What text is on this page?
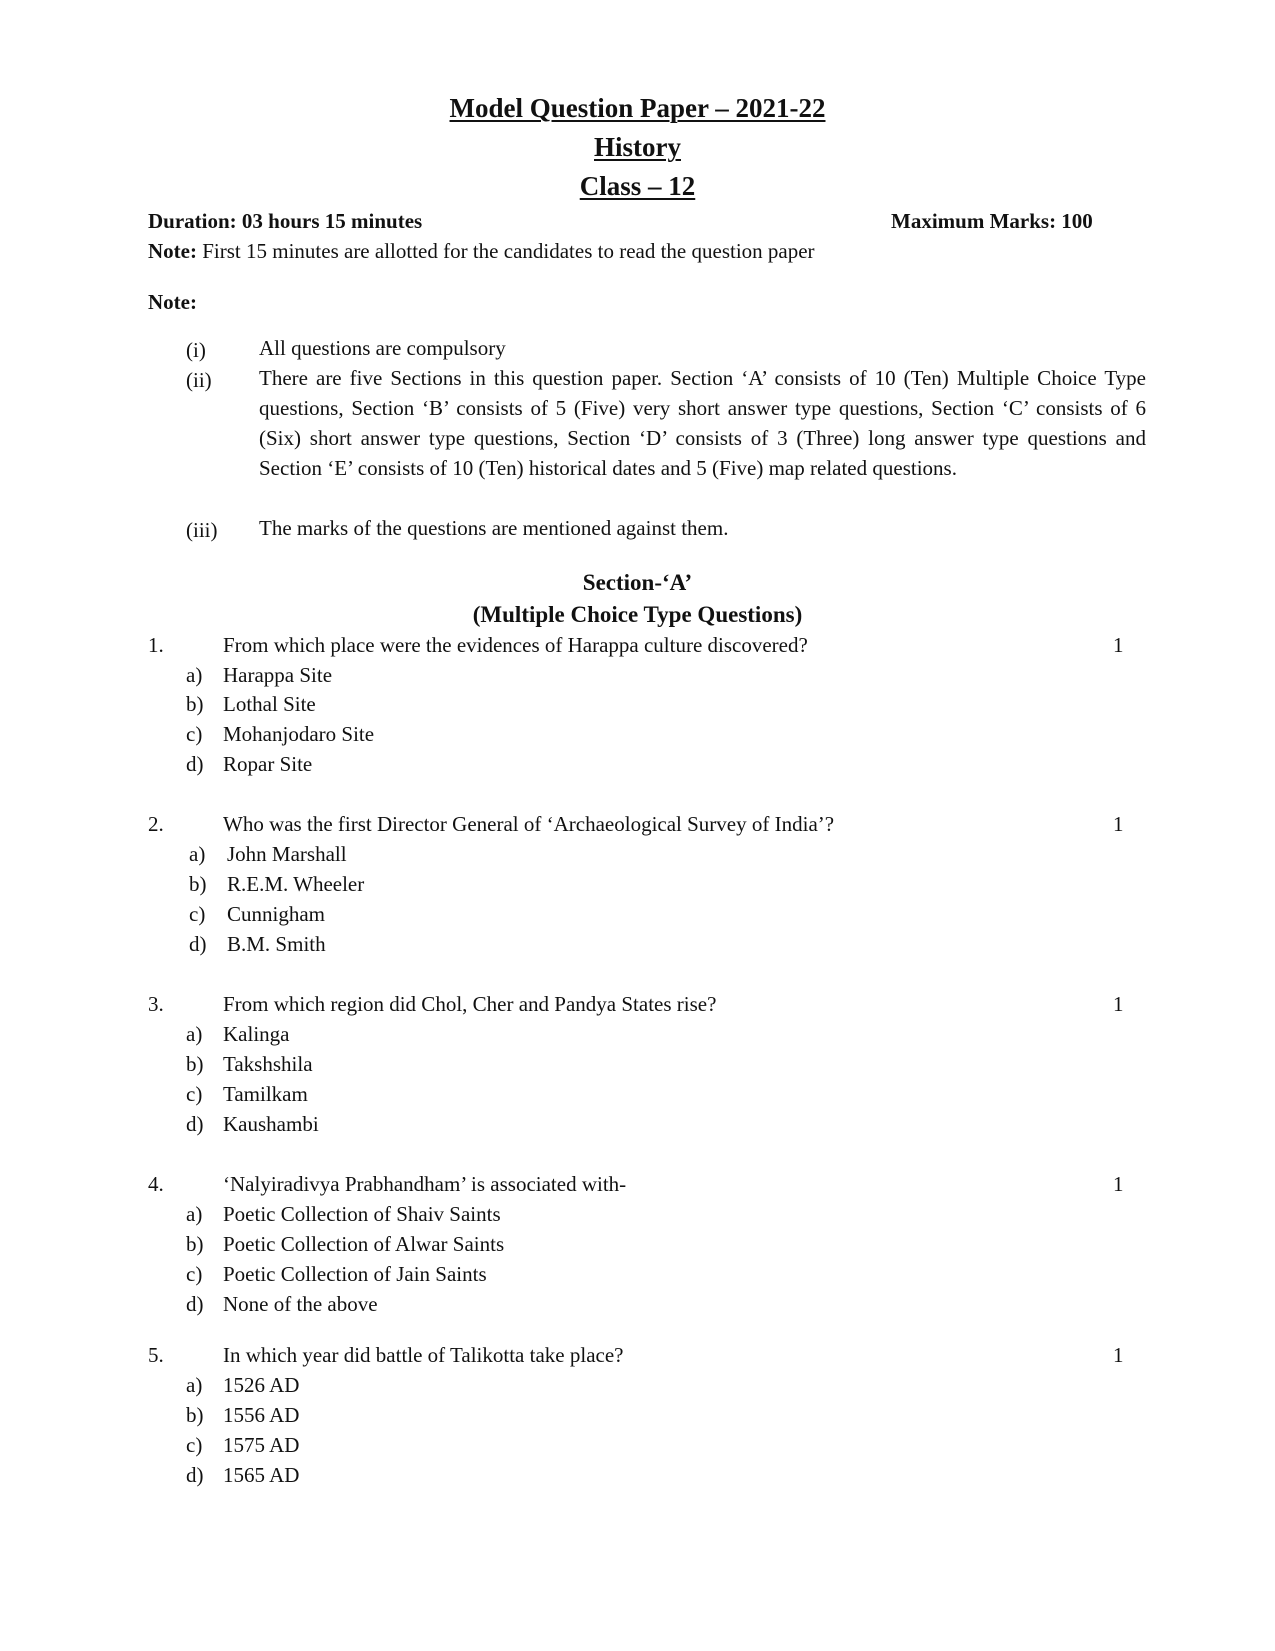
Model Question Paper – 2021-22
History
Class – 12
Duration: 03 hours 15 minutes	Maximum Marks: 100
Note: First 15 minutes are allotted for the candidates to read the question paper
Note:
(i)	All questions are compulsory
(ii)	There are five Sections in this question paper. Section ‘A’ consists of 10 (Ten) Multiple Choice Type questions, Section ‘B’ consists of 5 (Five) very short answer type questions, Section ‘C’ consists of 6 (Six) short answer type questions, Section ‘D’ consists of 3 (Three) long answer type questions and Section ‘E’ consists of 10 (Ten) historical dates and 5 (Five) map related questions.
(iii)	The marks of the questions are mentioned against them.
Section-‘A’
(Multiple Choice Type Questions)
1.	From which place were the evidences of Harappa culture discovered?	1
a) Harappa Site
b) Lothal Site
c) Mohanjodaro Site
d) Ropar Site
2.	Who was the first Director General of ‘Archaeological Survey of India’?	1
a) John Marshall
b) R.E.M. Wheeler
c) Cunnigham
d) B.M. Smith
3.	From which region did Chol, Cher and Pandya States rise?	1
a) Kalinga
b) Takshshila
c) Tamilkam
d) Kaushambi
4.	‘Nalyiradivya Prabhandham’ is associated with-	1
a) Poetic Collection of Shaiv Saints
b) Poetic Collection of Alwar Saints
c) Poetic Collection of Jain Saints
d) None of the above
5.	In which year did battle of Talikotta take place?	1
a) 1526 AD
b) 1556 AD
c) 1575 AD
d) 1565 AD
